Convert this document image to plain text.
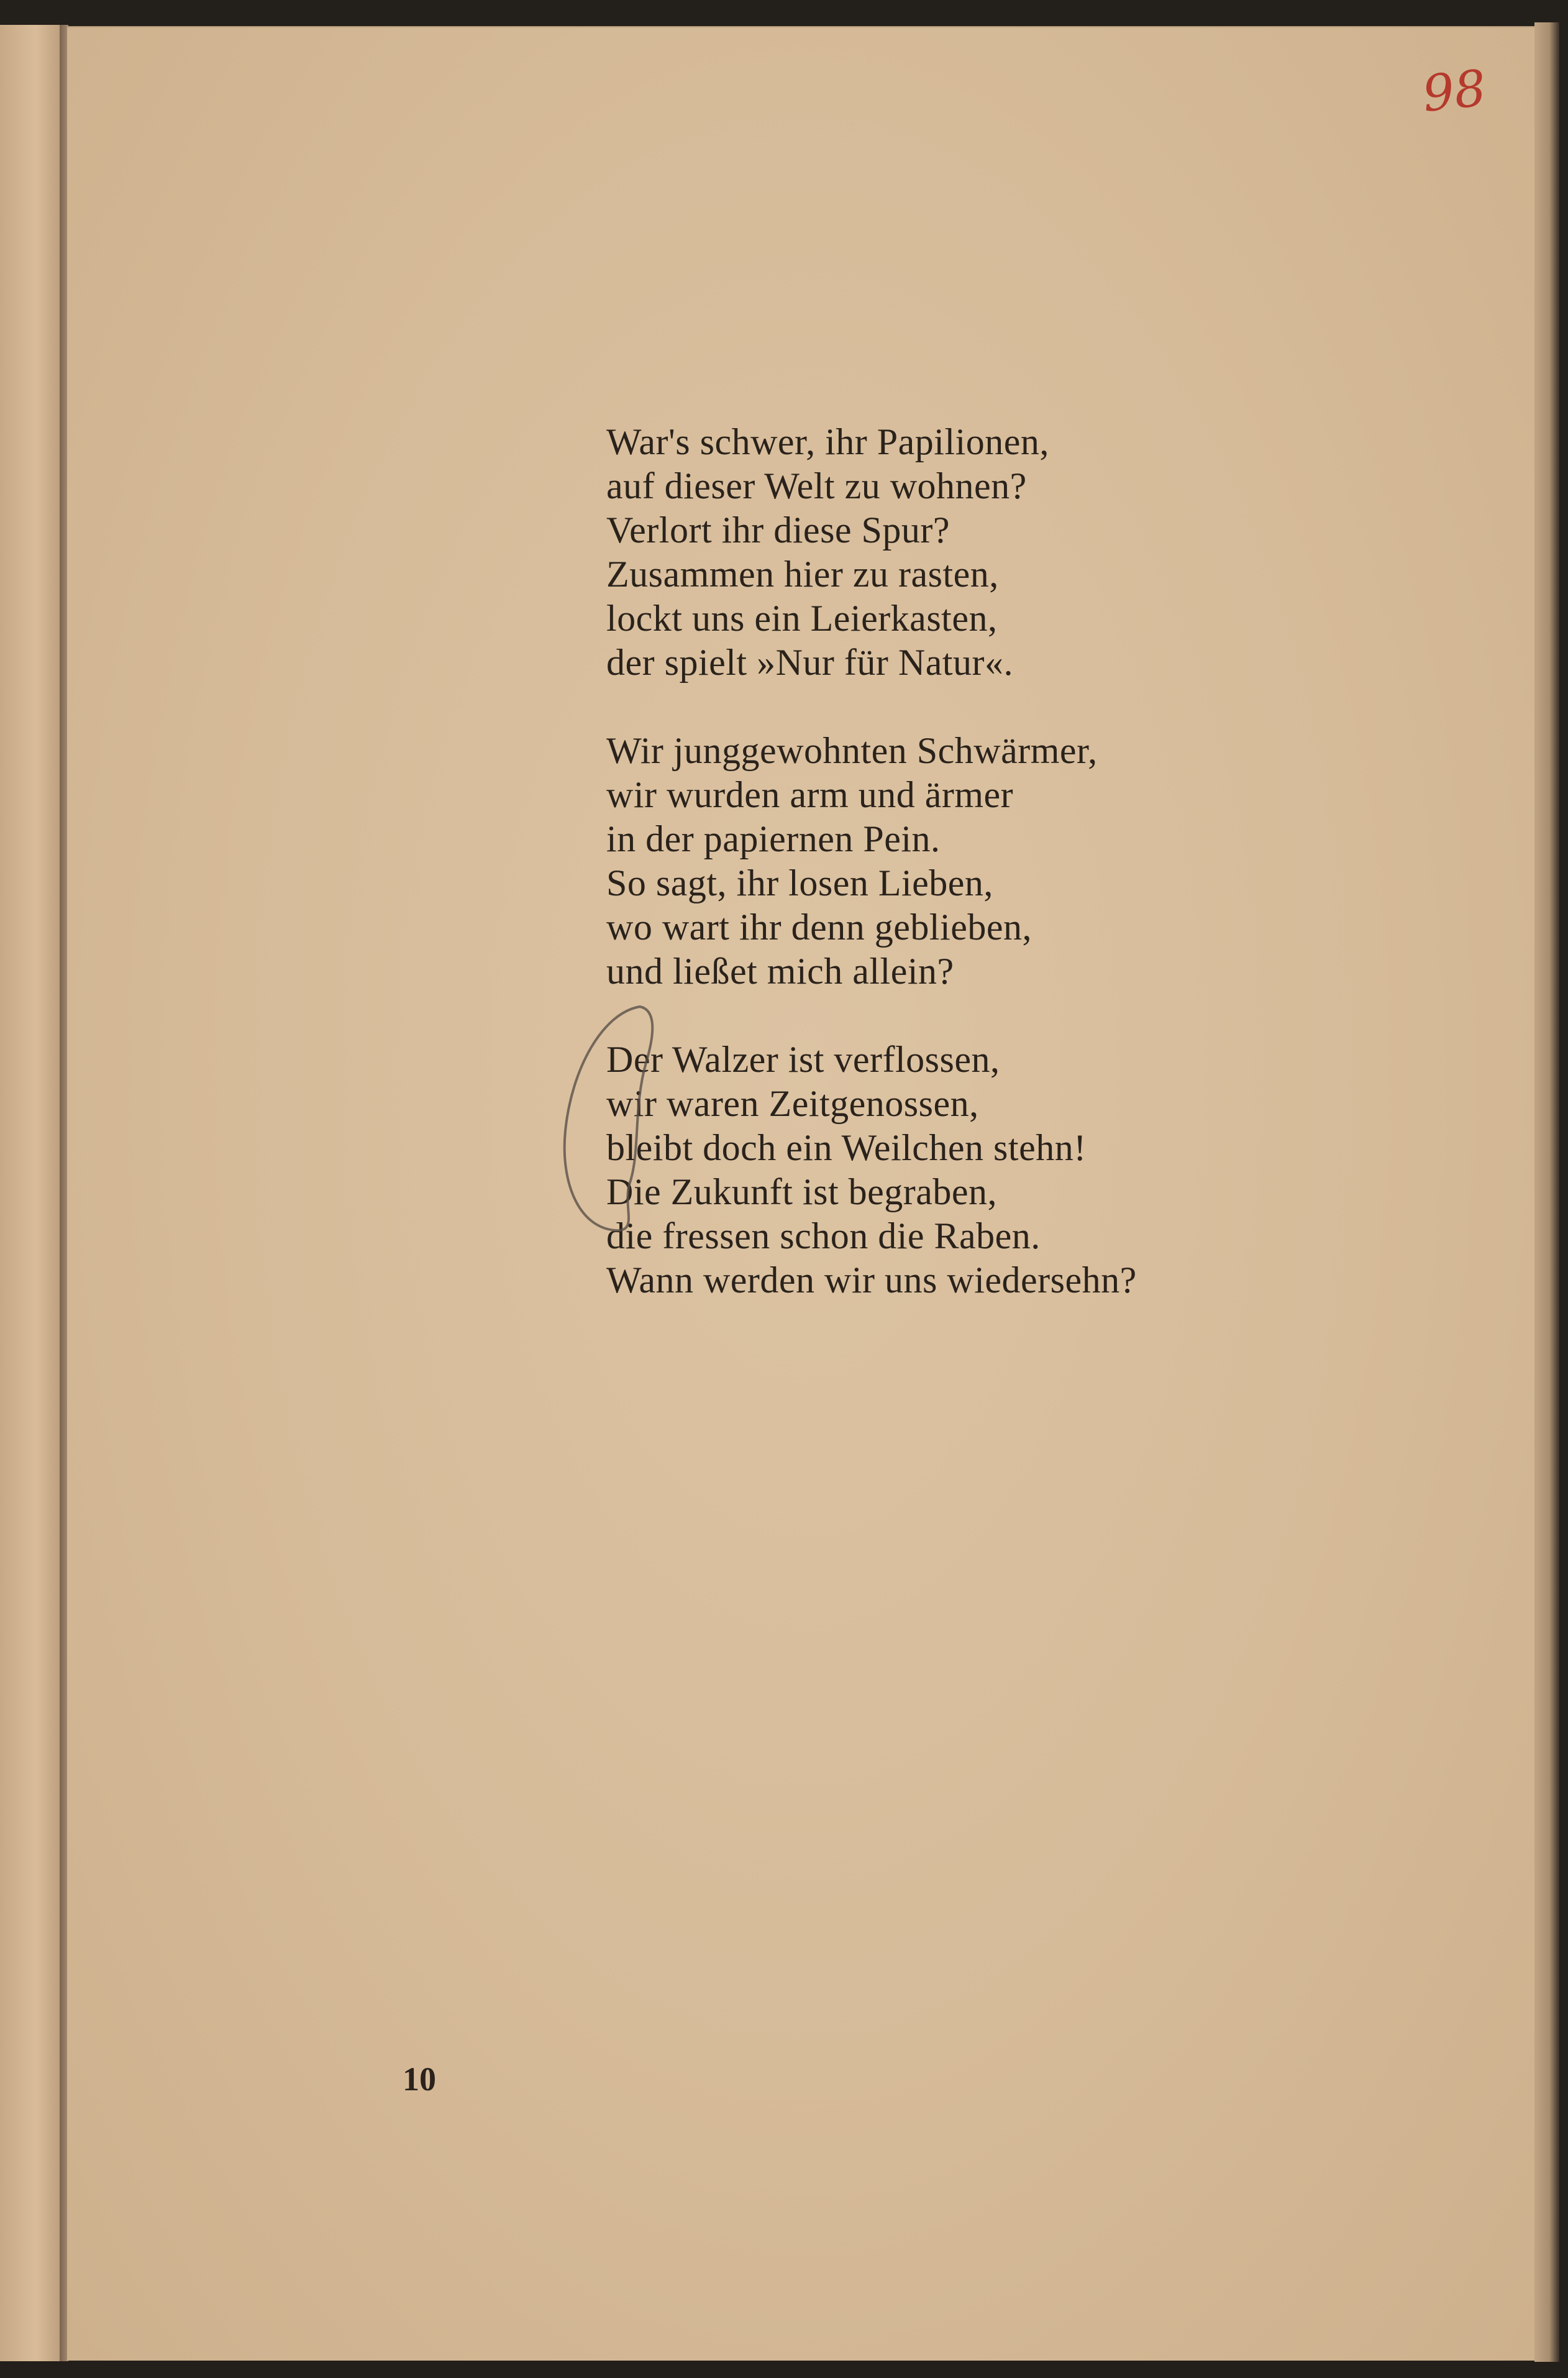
98
War's schwer, ihr Papilionen,
auf dieser Welt zu wohnen?
Verlort ihr diese Spur?
Zusammen hier zu rasten,
lockt uns ein Leierkasten,
der spielt »Nur für Natur«.
Wir junggewohnten Schwärmer,
wir wurden arm und ärmer
in der papiernen Pein.
So sagt, ihr losen Lieben,
wo wart ihr denn geblieben,
und ließet mich allein?
Der Walzer ist verflossen,
wir waren Zeitgenossen,
bleibt doch ein Weilchen stehn!
Die Zukunft ist begraben,
die fressen schon die Raben.
Wann werden wir uns wiedersehn?
10
